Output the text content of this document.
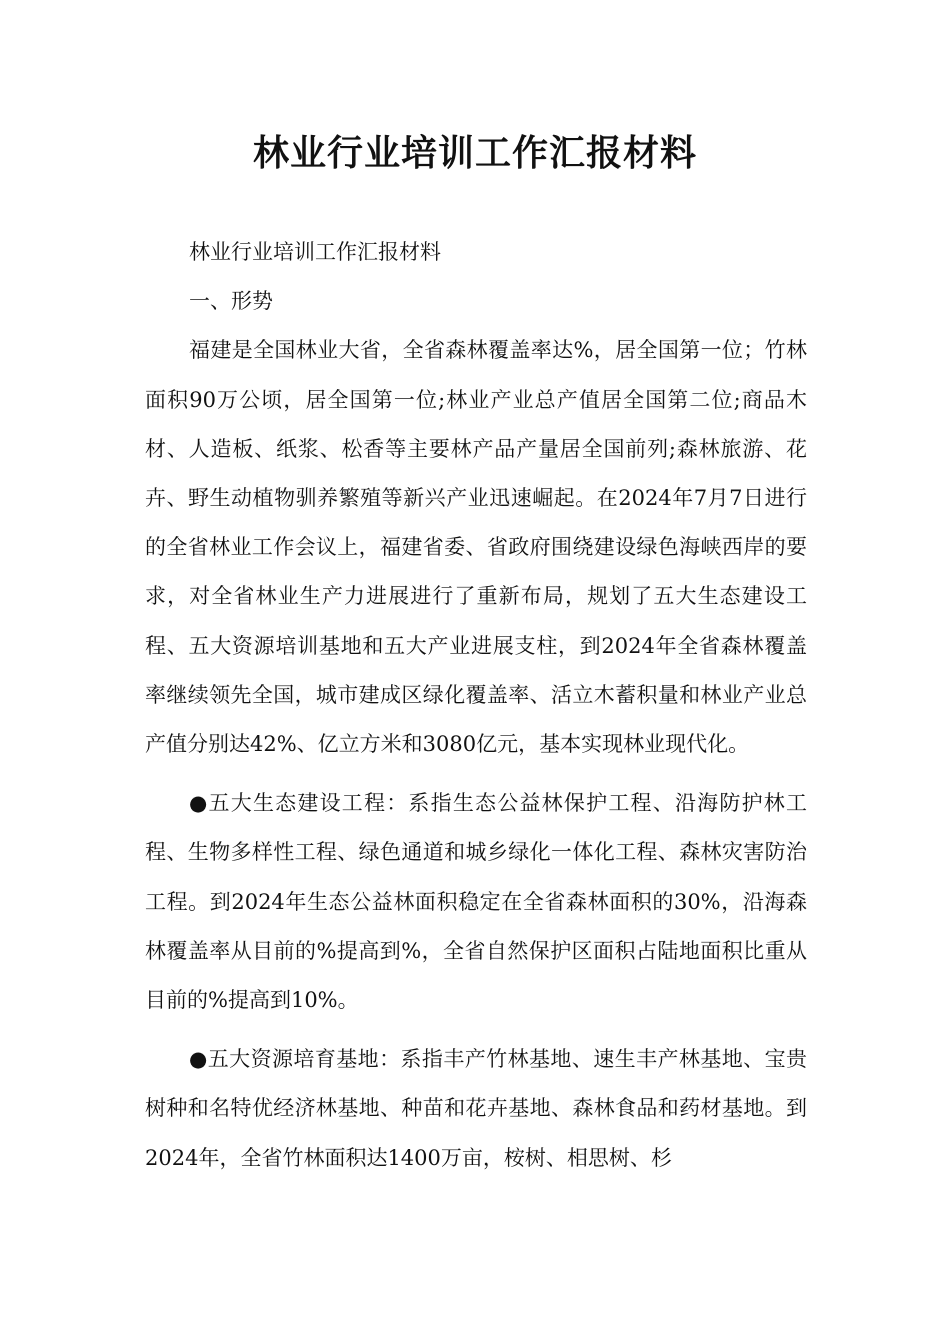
林业行业培训工作汇报材料

林业行业培训工作汇报材料

一、形势

福建是全国林业大省，全省森林覆盖率达%，居全国第一位；竹林面积90万公顷，居全国第一位;林业产业总产值居全国第二位;商品木材、人造板、纸浆、松香等主要林产品产量居全国前列;森林旅游、花卉、野生动植物驯养繁殖等新兴产业迅速崛起。在2024年7月7日进行的全省林业工作会议上，福建省委、省政府围绕建设绿色海峡西岸的要求，对全省林业生产力进展进行了重新布局，规划了五大生态建设工程、五大资源培训基地和五大产业进展支柱，到2024年全省森林覆盖率继续领先全国，城市建成区绿化覆盖率、活立木蓄积量和林业产业总产值分别达42%、亿立方米和3080亿元，基本实现林业现代化。

●五大生态建设工程：系指生态公益林保护工程、沿海防护林工程、生物多样性工程、绿色通道和城乡绿化一体化工程、森林灾害防治工程。到2024年生态公益林面积稳定在全省森林面积的30%，沿海森林覆盖率从目前的%提高到%，全省自然保护区面积占陆地面积比重从目前的%提高到10%。

●五大资源培育基地：系指丰产竹林基地、速生丰产林基地、宝贵树种和名特优经济林基地、种苗和花卉基地、森林食品和药材基地。到2024年，全省竹林面积达1400万亩，桉树、相思树、杉
